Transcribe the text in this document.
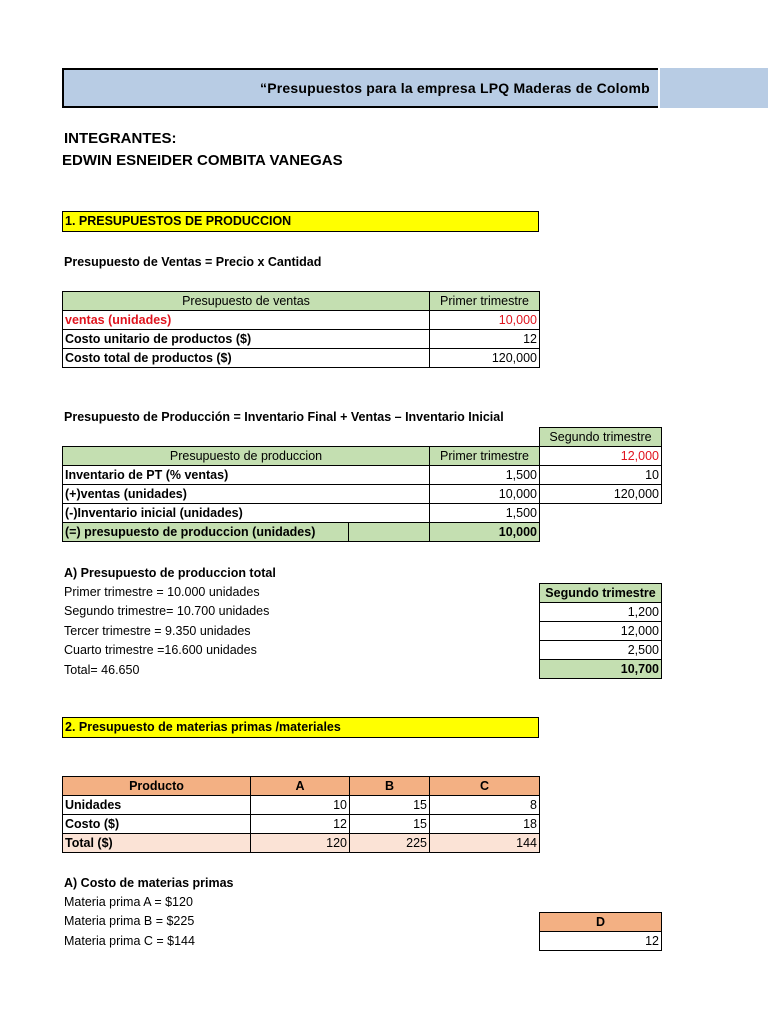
“Presupuestos para la empresa LPQ Maderas de Colomb
INTEGRANTES:
EDWIN ESNEIDER COMBITA VANEGAS
1. PRESUPUESTOS DE PRODUCCION
Presupuesto de Ventas = Precio x Cantidad
Presupuesto de ventas	Primer trimestre
ventas (unidades)	10,000
Costo unitario de productos ($)	12
Costo total de productos ($)	120,000
Presupuesto de Producción = Inventario Final + Ventas – Inventario Inicial
Segundo trimestre
Presupuesto de produccion		Primer trimestre	12,000
Inventario de PT (% ventas)		1,500	10
(+)ventas (unidades)		10,000	120,000
(-)Inventario inicial (unidades)		1,500	
(=) presupuesto de produccion (unidades)		10,000	
A) Presupuesto de produccion total
Primer trimestre = 10.000 unidades
Segundo trimestre= 10.700 unidades
Tercer trimestre = 9.350 unidades
Cuarto trimestre =16.600 unidades
Total= 46.650
Segundo trimestre
1,200
12,000
2,500
10,700
2. Presupuesto de materias primas /materiales
Producto	A	B	C
Unidades	10	15	8
Costo ($)	12	15	18
Total ($)	120	225	144
A) Costo de materias primas
Materia prima A = $120
Materia prima B = $225
Materia prima C = $144
D
12
